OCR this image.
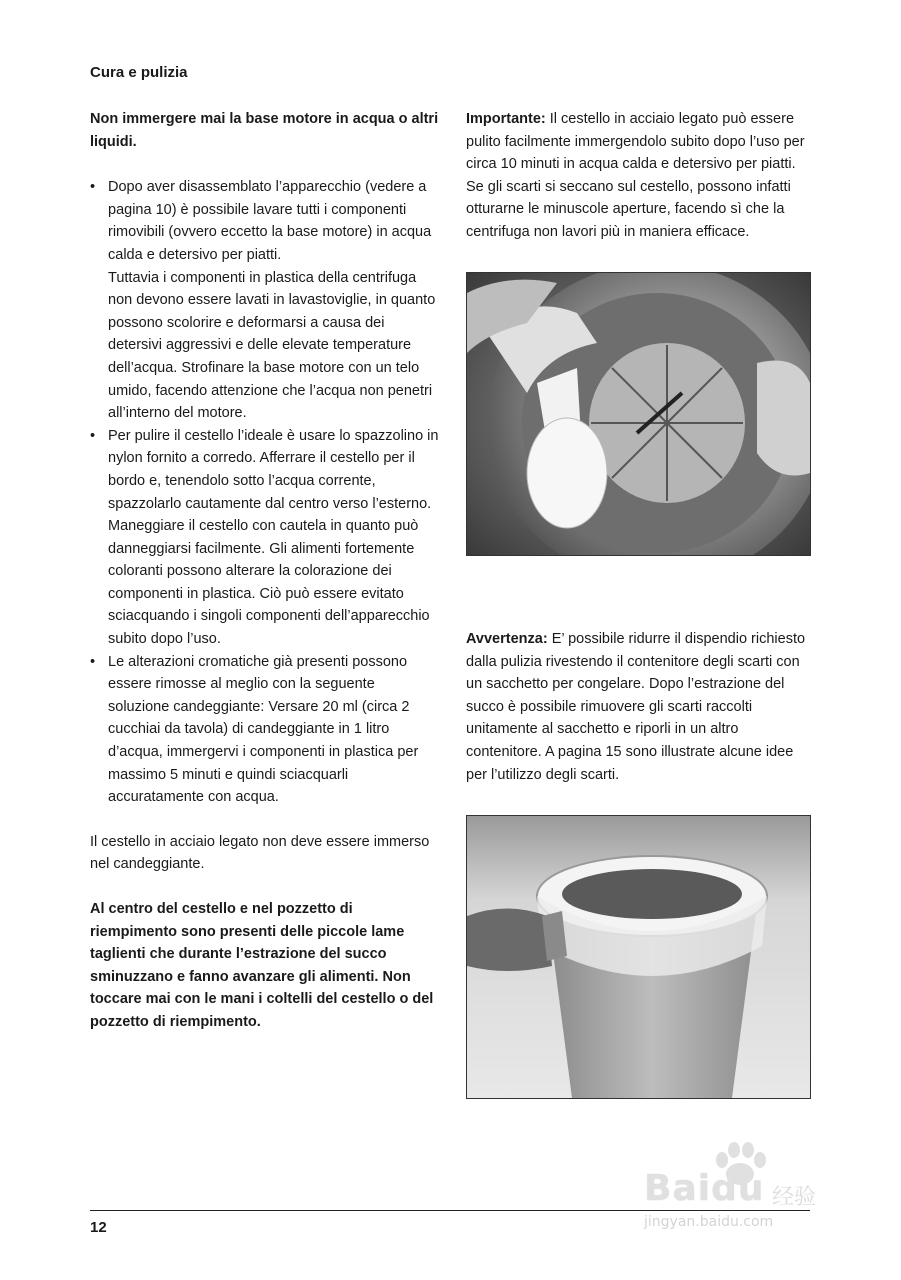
Cura e pulizia

Non immergere mai la base motore in acqua o altri liquidi.

• Dopo aver disassemblato l’apparecchio (vedere a pagina 10) è possibile lavare tutti i componenti rimovibili (ovvero eccetto la base motore) in acqua calda e detersivo per piatti.
Tuttavia i componenti in plastica della centrifuga non devono essere lavati in lavastoviglie, in quanto possono scolorire e deformarsi a causa dei detersivi aggressivi e delle elevate temperature dell’acqua. Strofinare la base motore con un telo umido, facendo attenzione che l’acqua non penetri all’interno del motore.
• Per pulire il cestello l’ideale è usare lo spazzolino in nylon fornito a corredo. Afferrare il cestello per il bordo e, tenendolo sotto l’acqua corrente, spazzolarlo cautamente dal centro verso l’esterno. Maneggiare il cestello con cautela in quanto può danneggiarsi facilmente. Gli alimenti fortemente coloranti possono alterare la colorazione dei componenti in plastica. Ciò può essere evitato sciacquando i singoli componenti dell’apparecchio subito dopo l’uso.
• Le alterazioni cromatiche già presenti possono essere rimosse al meglio con la seguente soluzione candeggiante: Versare 20 ml (circa 2 cucchiai da tavola) di candeggiante in 1 litro d’acqua, immergervi i componenti in plastica per massimo 5 minuti e quindi sciacquarli accuratamente con acqua.

Il cestello in acciaio legato non deve essere immerso nel candeggiante.

Al centro del cestello e nel pozzetto di riempimento sono presenti delle piccole lame taglienti che durante l’estrazione del succo sminuzzano e fanno avanzare gli alimenti. Non toccare mai con le mani i coltelli del cestello o del pozzetto di riempimento.

Importante: Il cestello in acciaio legato può essere pulito facilmente immergendolo subito dopo l’uso per circa 10 minuti in acqua calda e detersivo per piatti. Se gli scarti si seccano sul cestello, possono infatti otturarne le minuscole aperture, facendo sì che la centrifuga non lavori più in maniera efficace.

Avvertenza: E’ possibile ridurre il dispendio richiesto dalla pulizia rivestendo il contenitore degli scarti con un sacchetto per congelare. Dopo l’estrazione del succo è possibile rimuovere gli scarti raccolti unitamente al sacchetto e riporli in un altro contenitore. A pagina 15 sono illustrate alcune idee per l’utilizzo degli scarti.

12
Baidu 经验
jingyan.baidu.com
